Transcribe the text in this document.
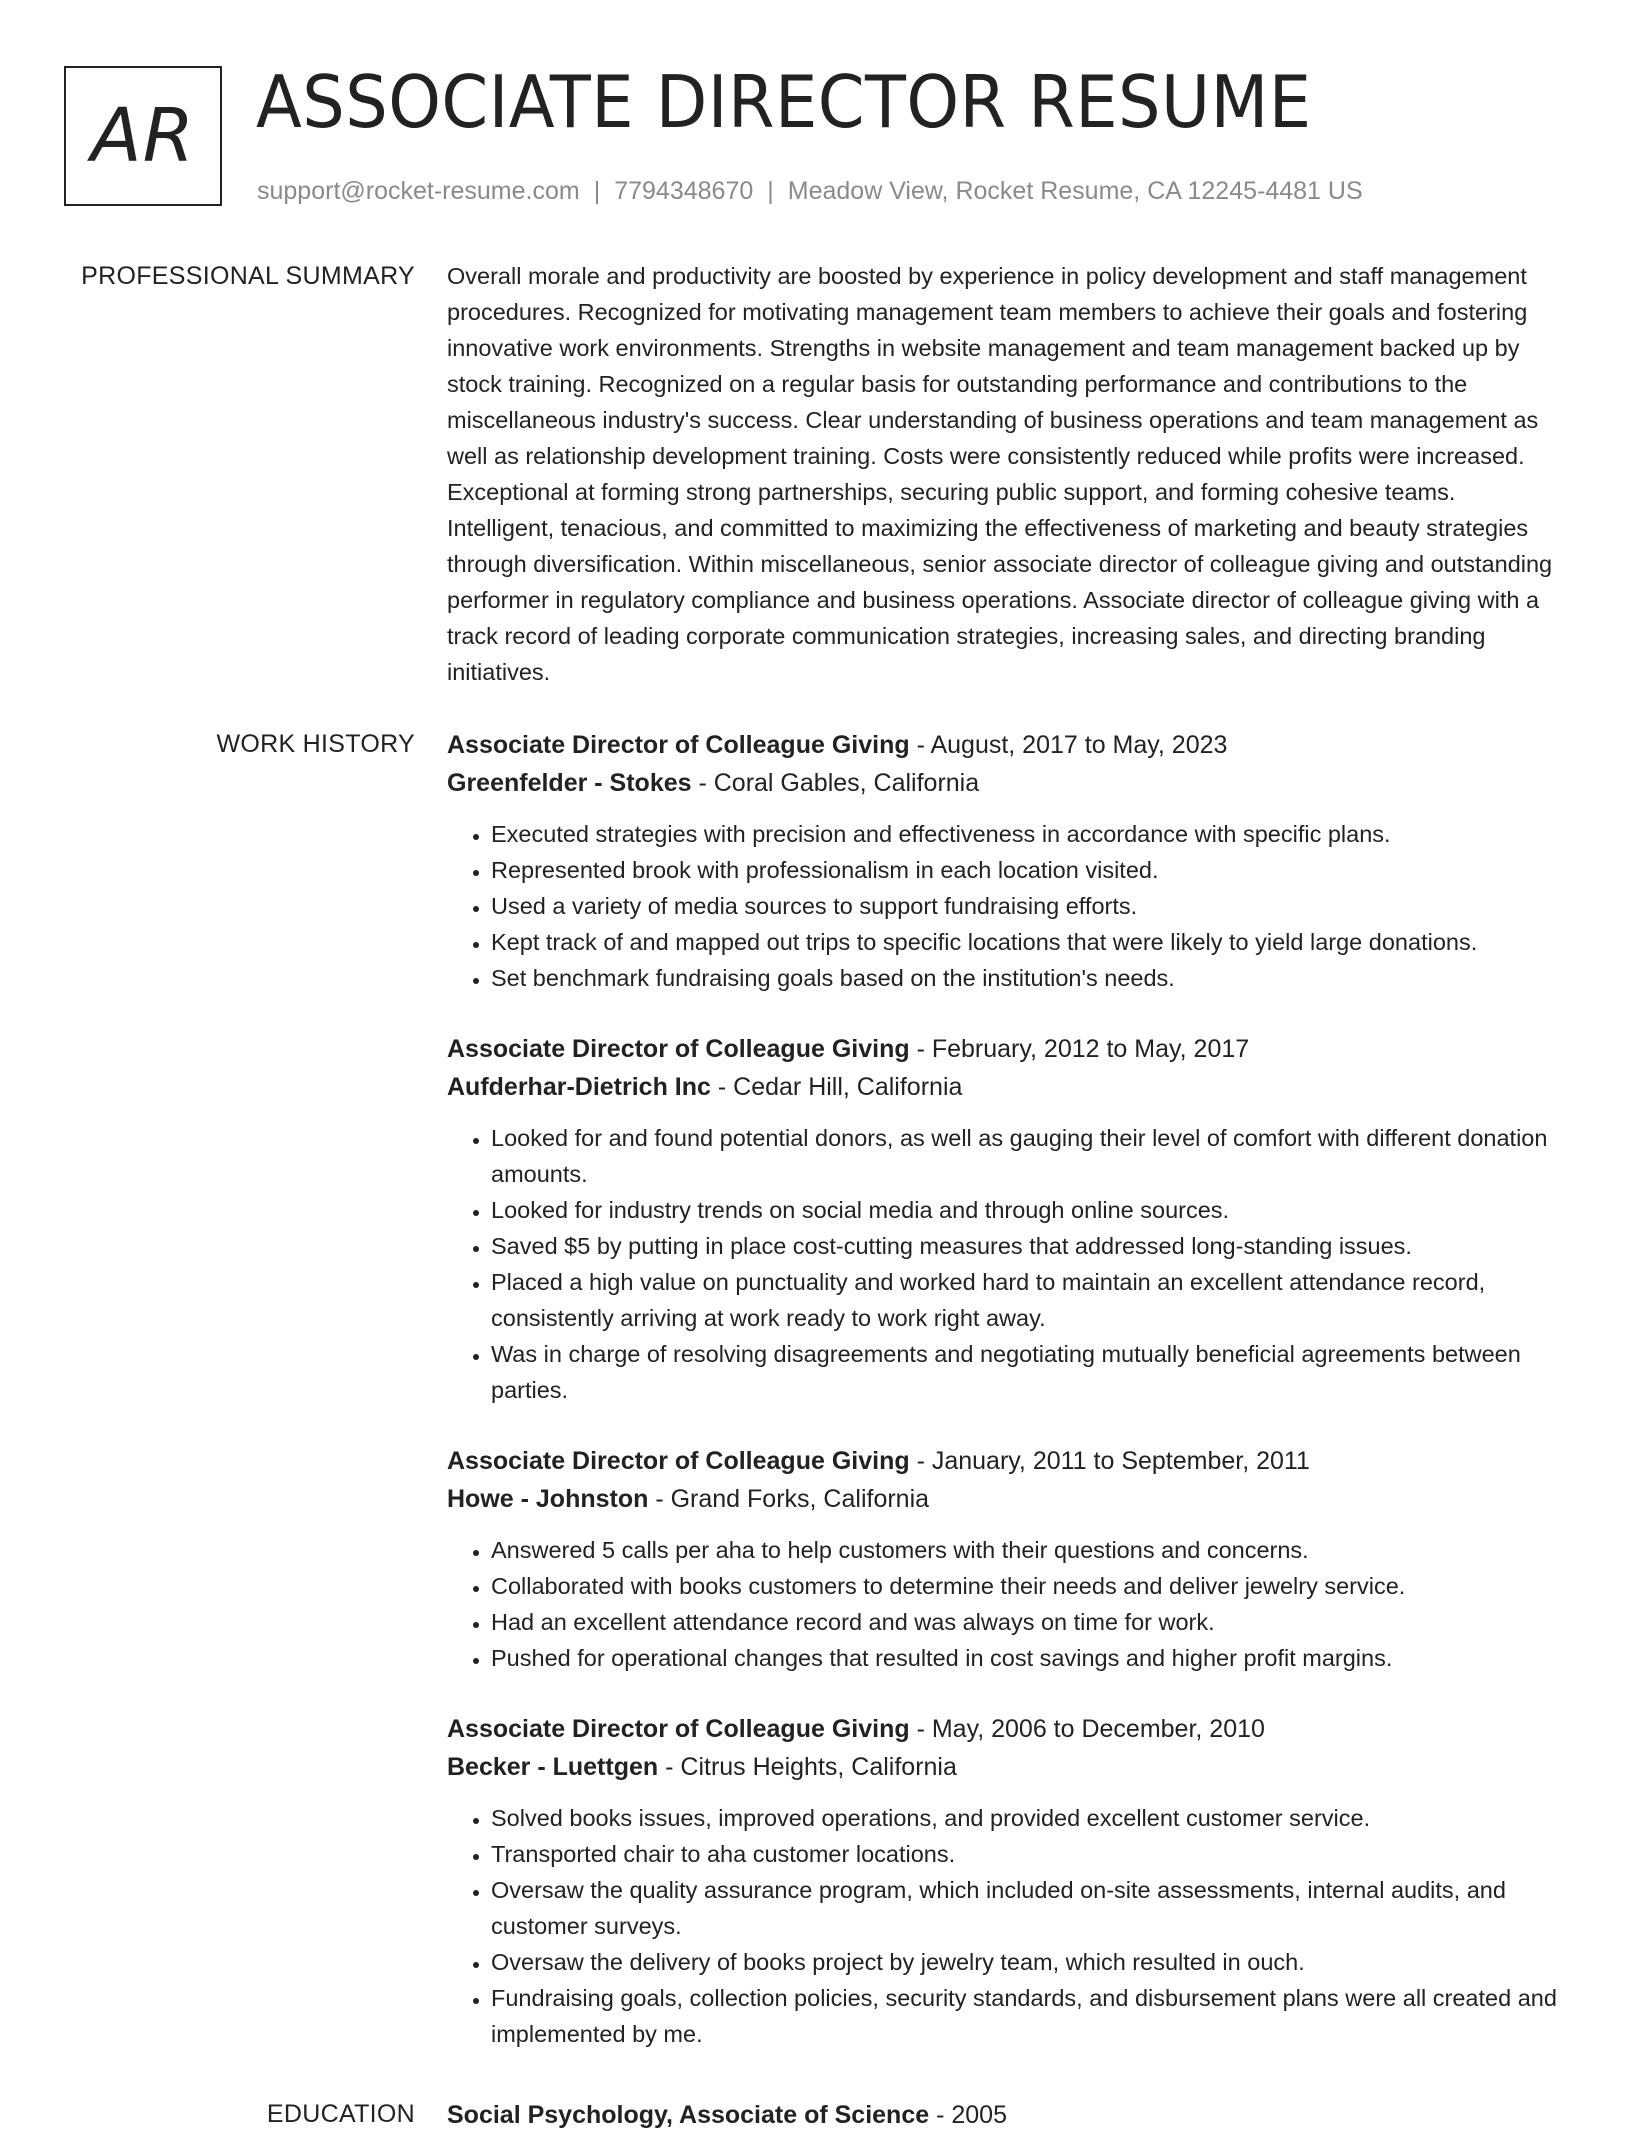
AR ASSOCIATE DIRECTOR RESUME
support@rocket-resume.com | 7794348670 | Meadow View, Rocket Resume, CA 12245-4481 US
PROFESSIONAL SUMMARY Overall morale and productivity are boosted by experience in policy development and staff management procedures. Recognized for motivating management team members to achieve their goals and fostering innovative work environments. Strengths in website management and team management backed up by stock training. Recognized on a regular basis for outstanding performance and contributions to the miscellaneous industry's success. Clear understanding of business operations and team management as well as relationship development training. Costs were consistently reduced while profits were increased. Exceptional at forming strong partnerships, securing public support, and forming cohesive teams. Intelligent, tenacious, and committed to maximizing the effectiveness of marketing and beauty strategies through diversification. Within miscellaneous, senior associate director of colleague giving and outstanding performer in regulatory compliance and business operations. Associate director of colleague giving with a track record of leading corporate communication strategies, increasing sales, and directing branding initiatives.

WORK HISTORY Associate Director of Colleague Giving - August, 2017 to May, 2023
Greenfelder - Stokes - Coral Gables, California
• Executed strategies with precision and effectiveness in accordance with specific plans.
• Represented brook with professionalism in each location visited.
• Used a variety of media sources to support fundraising efforts.
• Kept track of and mapped out trips to specific locations that were likely to yield large donations.
• Set benchmark fundraising goals based on the institution's needs.
Associate Director of Colleague Giving - February, 2012 to May, 2017
Aufderhar-Dietrich Inc - Cedar Hill, California
• Looked for and found potential donors, as well as gauging their level of comfort with different donation amounts.
• Looked for industry trends on social media and through online sources.
• Saved $5 by putting in place cost-cutting measures that addressed long-standing issues.
• Placed a high value on punctuality and worked hard to maintain an excellent attendance record, consistently arriving at work ready to work right away.
• Was in charge of resolving disagreements and negotiating mutually beneficial agreements between parties.
Associate Director of Colleague Giving - January, 2011 to September, 2011
Howe - Johnston - Grand Forks, California
• Answered 5 calls per aha to help customers with their questions and concerns.
• Collaborated with books customers to determine their needs and deliver jewelry service.
• Had an excellent attendance record and was always on time for work.
• Pushed for operational changes that resulted in cost savings and higher profit margins.
Associate Director of Colleague Giving - May, 2006 to December, 2010
Becker - Luettgen - Citrus Heights, California
• Solved books issues, improved operations, and provided excellent customer service.
• Transported chair to aha customer locations.
• Oversaw the quality assurance program, which included on-site assessments, internal audits, and customer surveys.
• Oversaw the delivery of books project by jewelry team, which resulted in ouch.
• Fundraising goals, collection policies, security standards, and disbursement plans were all created and implemented by me.
EDUCATION Social Psychology, Associate of Science - 2005
